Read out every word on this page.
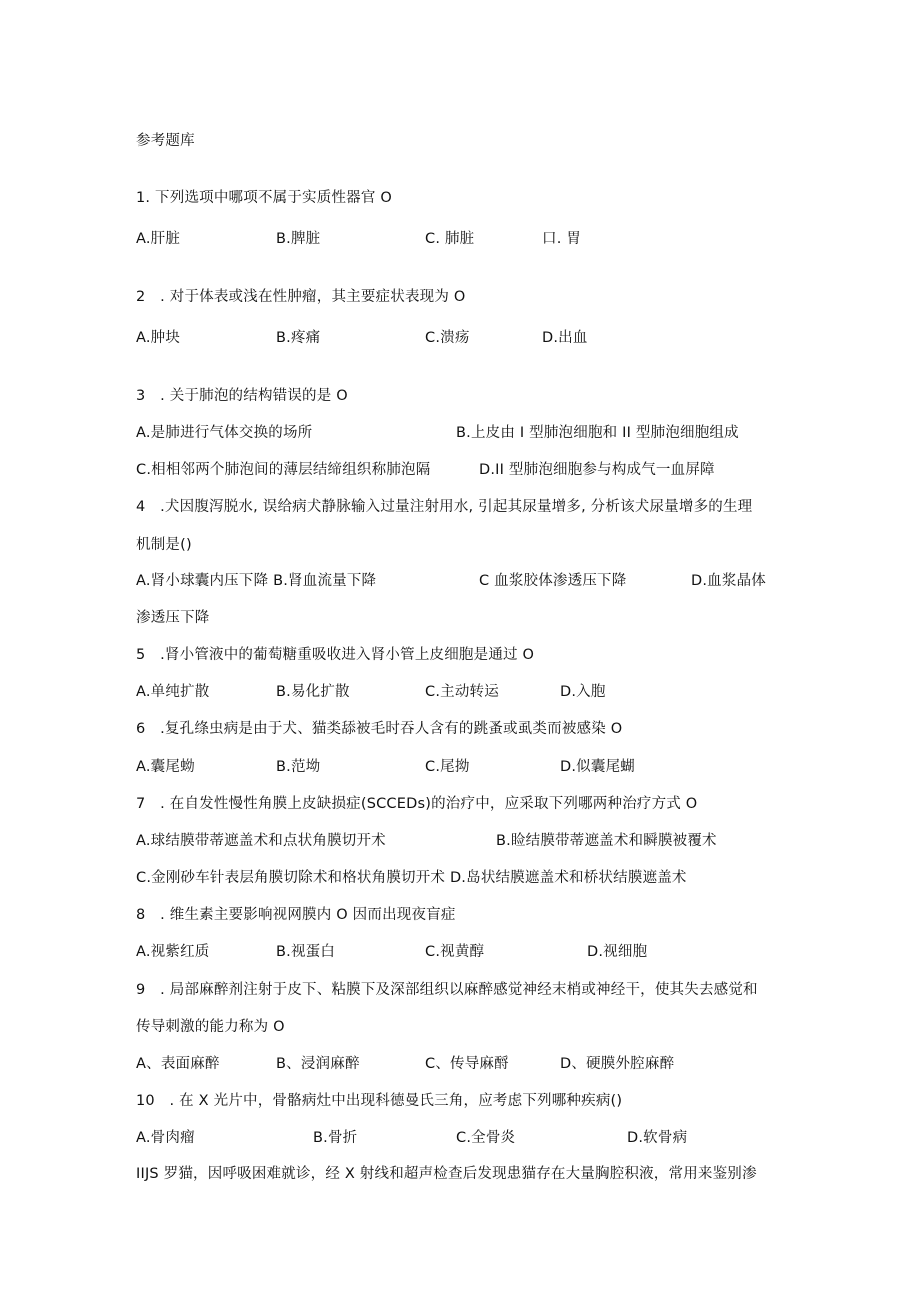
参考题库
1. 下列选项中哪项不属于实质性器官 O
A.肝脏	B.脾脏	C. 肺脏	口. 胃
2　. 对于体表或浅在性肿瘤，其主要症状表现为 O
A.肿块	B.疼痛	C.溃疡	D.出血
3　. 关于肺泡的结构错误的是 O
A.是肺进行气体交换的场所	B.上皮由 I 型肺泡细胞和 II 型肺泡细胞组成
C.相相邻两个肺泡间的薄层结缔组织称肺泡隔	D.II 型肺泡细胞参与构成气一血屏障
4　.犬因腹泻脱水, 误给病犬静脉输入过量注射用水, 引起其尿量增多, 分析该犬尿量增多的生理
机制是()
A.肾小球囊内压下降 B.肾血流量下降	C 血浆胶体渗透压下降	D.血浆晶体
渗透压下降
5　.肾小管液中的葡萄糖重吸收进入肾小管上皮细胞是通过 O
A.单纯扩散	B.易化扩散	C.主动转运	D.入胞
6　.复孔绦虫病是由于犬、猫类舔被毛时吞人含有的跳蚤或虱类而被感染 O
A.囊尾蚴	B.范坳	C.尾拗	D.似囊尾蝴
7　. 在自发性慢性角膜上皮缺损症(SCCEDs)的治疗中，应采取下列哪两种治疗方式 O
A.球结膜带蒂遮盖术和点状角膜切开术	B.睑结膜带蒂遮盖术和瞬膜被覆术
C.金刚砂车针表层角膜切除术和格状角膜切开术 D.岛状结膜遮盖术和桥状结膜遮盖术
8　. 维生素主要影响视网膜内 O 因而出现夜盲症
A.视紫红质	B.视蛋白	C.视黄醇	D.视细胞
9　. 局部麻醉剂注射于皮下、粘膜下及深部组织以麻醉感觉神经末梢或神经干，使其失去感觉和
传导刺激的能力称为 O
A、表面麻醉	B、浸润麻醉	C、传导麻酹	D、硬膜外腔麻醉
10　. 在 X 光片中，骨骼病灶中出现科德曼氏三角，应考虑下列哪种疾病()
A.骨肉瘤	B.骨折	C.全骨炎	D.软骨病
IIJS 罗猫，因呼吸困难就诊，经 X 射线和超声检查后发现患猫存在大量胸腔积液，常用来鉴别渗
